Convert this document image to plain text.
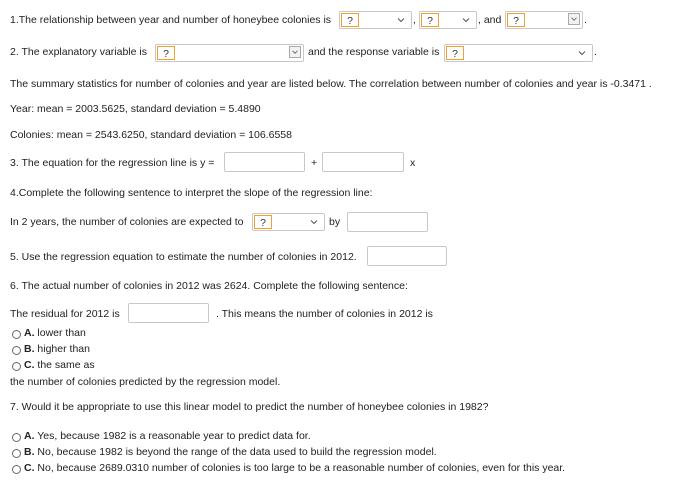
1.The relationship between year and number of honeybee colonies is	?	,	?	, and	?	.
2. The explanatory variable is	?	and the response variable is	?	.
The summary statistics for number of colonies and year are listed below. The correlation between number of colonies and year is -0.3471 .
Year: mean = 2003.5625, standard deviation = 5.4890
Colonies: mean = 2543.6250, standard deviation = 106.6558
3. The equation for the regression line is y =	+	x
4.Complete the following sentence to interpret the slope of the regression line:
In 2 years, the number of colonies are expected to	?	by
5. Use the regression equation to estimate the number of colonies in 2012.
6. The actual number of colonies in 2012 was 2624. Complete the following sentence:
The residual for 2012 is	. This means the number of colonies in 2012 is
A. lower than
B. higher than
C. the same as
the number of colonies predicted by the regression model.
7. Would it be appropriate to use this linear model to predict the number of honeybee colonies in 1982?
A. Yes, because 1982 is a reasonable year to predict data for.
B. No, because 1982 is beyond the range of the data used to build the regression model.
C. No, because 2689.0310 number of colonies is too large to be a reasonable number of colonies, even for this year.
